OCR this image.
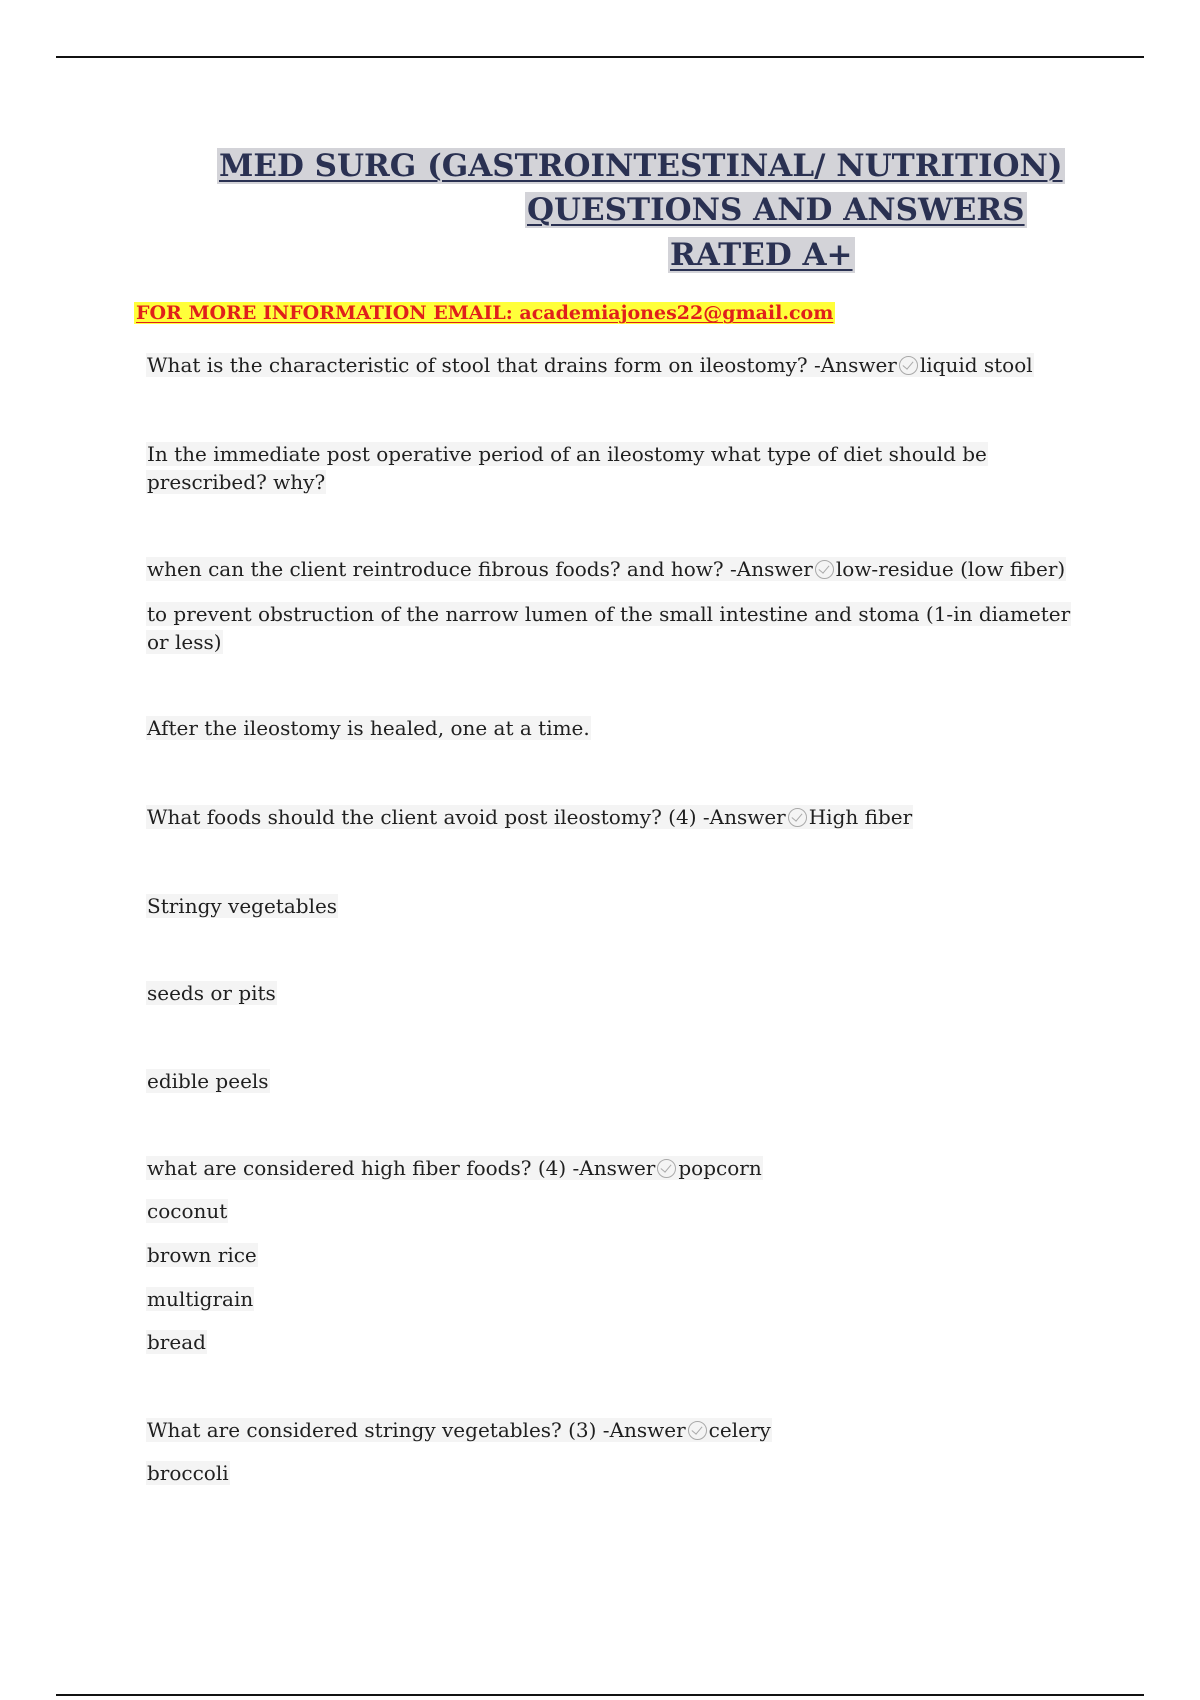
MED SURG (GASTROINTESTINAL/ NUTRITION)
QUESTIONS AND ANSWERS
RATED A+
FOR MORE INFORMATION EMAIL: academiajones22@gmail.com
What is the characteristic of stool that drains form on ileostomy? -Answer liquid stool
In the immediate post operative period of an ileostomy what type of diet should be
prescribed? why?
when can the client reintroduce fibrous foods? and how? -Answer low-residue (low fiber)
to prevent obstruction of the narrow lumen of the small intestine and stoma (1-in diameter
or less)
After the ileostomy is healed, one at a time.
What foods should the client avoid post ileostomy? (4) -Answer High fiber
Stringy vegetables
seeds or pits
edible peels
what are considered high fiber foods? (4) -Answer popcorn
coconut
brown rice
multigrain
bread
What are considered stringy vegetables? (3) -Answer celery
broccoli
